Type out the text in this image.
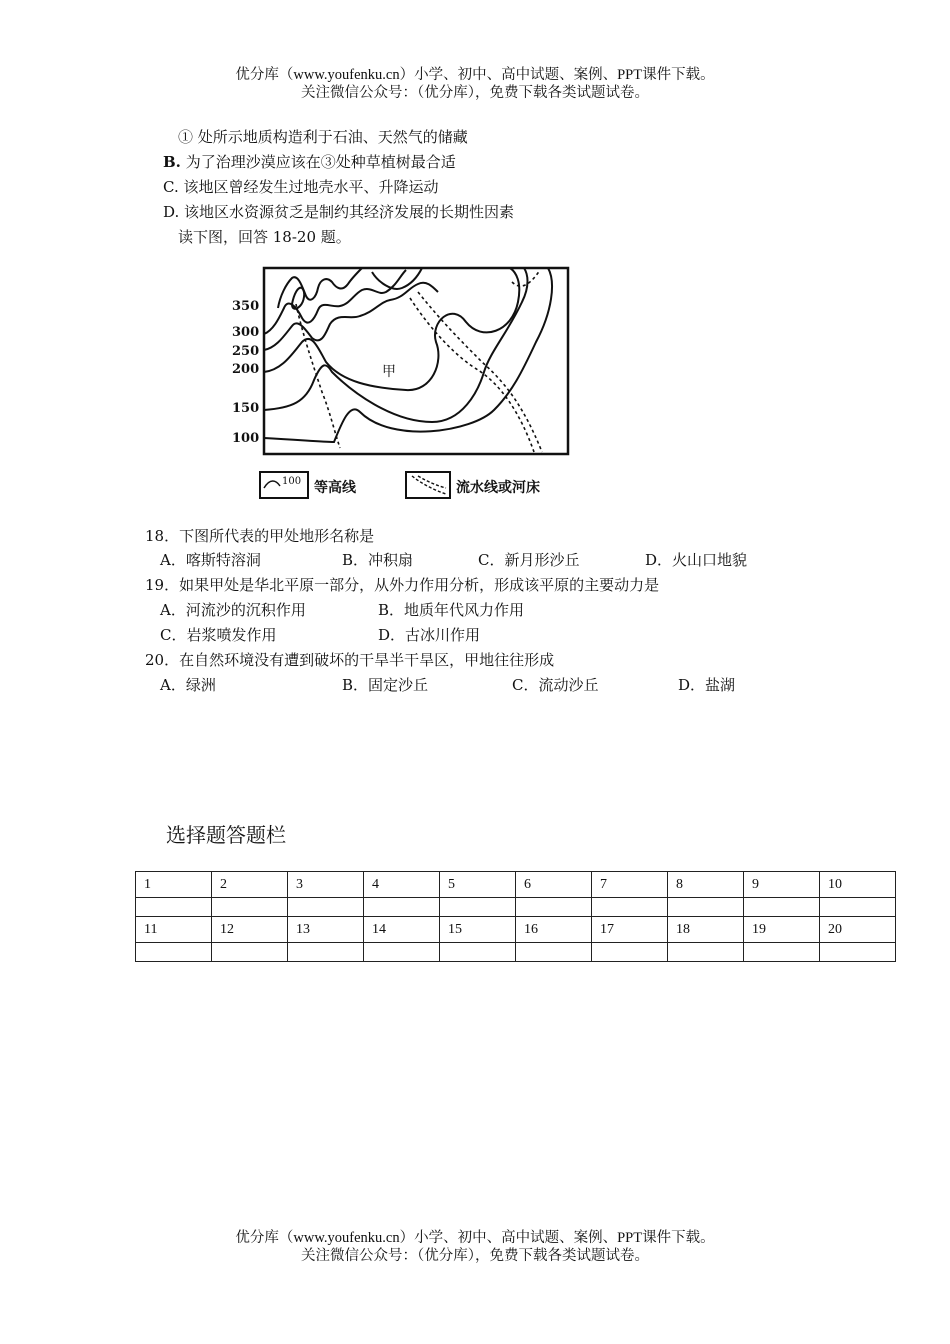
优分库（www.youfenku.cn）小学、初中、高中试题、案例、PPT课件下载。
关注微信公众号：（优分库），免费下载各类试题试卷。
① 处所示地质构造利于石油、天然气的储藏
B. 为了治理沙漠应该在③处种草植树最合适
C. 该地区曾经发生过地壳水平、升降运动
D. 该地区水资源贫乏是制约其经济发展的长期性因素
读下图，回答 18-20 题。
350
300
250
200
150
100
甲
100 等高线	流水线或河床
18．下图所代表的甲处地形名称是
A．喀斯特溶洞	B．冲积扇	C．新月形沙丘	D．火山口地貌
19．如果甲处是华北平原一部分，从外力作用分析，形成该平原的主要动力是
A．河流沙的沉积作用	B．地质年代风力作用
C．岩浆喷发作用	D．古冰川作用
20．在自然环境没有遭到破坏的干旱半干旱区，甲地往往形成
A．绿洲	B．固定沙丘	C．流动沙丘	D．盐湖
选择题答题栏
1	2	3	4	5	6	7	8	9	10

11	12	13	14	15	16	17	18	19	20

优分库（www.youfenku.cn）小学、初中、高中试题、案例、PPT课件下载。
关注微信公众号：（优分库），免费下载各类试题试卷。
